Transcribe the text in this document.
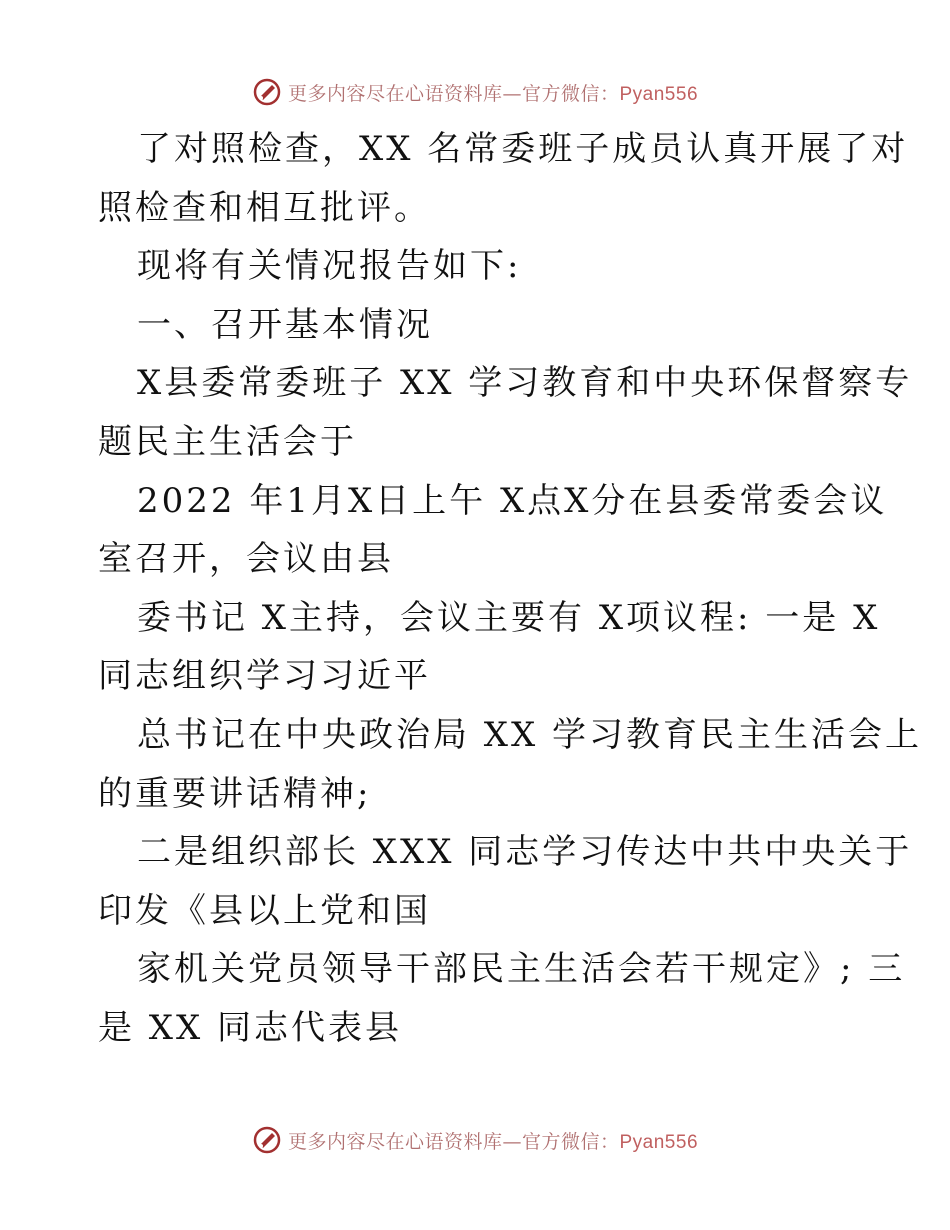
更多内容尽在心语资料库—官方微信：Pyan556
了对照检查，XX 名常委班子成员认真开展了对
照检查和相互批评。
现将有关情况报告如下:
一、召开基本情况
X县委常委班子 XX 学习教育和中央环保督察专
题民主生活会于
2022 年1月X日上午 X点X分在县委常委会议
室召开，会议由县
委书记 X主持，会议主要有 X项议程: 一是 X
同志组织学习习近平
总书记在中央政治局 XX 学习教育民主生活会上
的重要讲话精神;
二是组织部长 XXX 同志学习传达中共中央关于
印发《县以上党和国
家机关党员领导干部民主生活会若干规定》; 三
是 XX 同志代表县
更多内容尽在心语资料库—官方微信：Pyan556
